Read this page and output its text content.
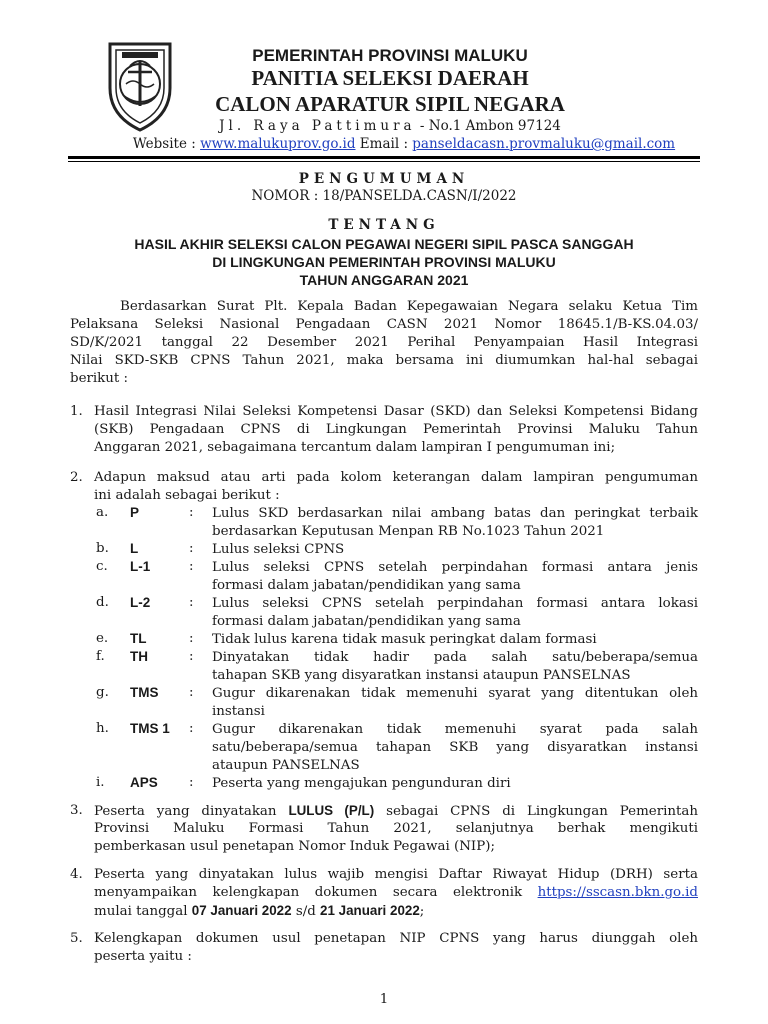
PEMERINTAH PROVINSI MALUKU
PANITIA SELEKSI DAERAH
CALON APARATUR SIPIL NEGARA
Jl. Raya Pattimura - No.1 Ambon 97124
Website : www.malukuprov.go.id Email : panseldacasn.provmaluku@gmail.com
PENGUMUMAN
NOMOR : 18/PANSELDA.CASN/I/2022
TENTANG
HASIL AKHIR SELEKSI CALON PEGAWAI NEGERI SIPIL PASCA SANGGAH
DI LINGKUNGAN PEMERINTAH PROVINSI MALUKU
TAHUN ANGGARAN 2021
Berdasarkan Surat Plt. Kepala Badan Kepegawaian Negara selaku Ketua Tim
Pelaksana Seleksi Nasional Pengadaan CASN 2021 Nomor 18645.1/B-KS.04.03/
SD/K/2021 tanggal 22 Desember 2021 Perihal Penyampaian Hasil Integrasi
Nilai SKD-SKB CPNS Tahun 2021, maka bersama ini diumumkan hal-hal sebagai
berikut :
1. Hasil Integrasi Nilai Seleksi Kompetensi Dasar (SKD) dan Seleksi Kompetensi Bidang
(SKB) Pengadaan CPNS di Lingkungan Pemerintah Provinsi Maluku Tahun
Anggaran 2021, sebagaimana tercantum dalam lampiran I pengumuman ini;
2. Adapun maksud atau arti pada kolom keterangan dalam lampiran pengumuman
ini adalah sebagai berikut :
a. P	: Lulus SKD berdasarkan nilai ambang batas dan peringkat terbaik
berdasarkan Keputusan Menpan RB No.1023 Tahun 2021
b. L	: Lulus seleksi CPNS
c. L-1	: Lulus seleksi CPNS setelah perpindahan formasi antara jenis
formasi dalam jabatan/pendidikan yang sama
d. L-2	: Lulus seleksi CPNS setelah perpindahan formasi antara lokasi
formasi dalam jabatan/pendidikan yang sama
e. TL	: Tidak lulus karena tidak masuk peringkat dalam formasi
f. TH	: Dinyatakan tidak hadir pada salah satu/beberapa/semua
tahapan SKB yang disyaratkan instansi ataupun PANSELNAS
g. TMS : Gugur dikarenakan tidak memenuhi syarat yang ditentukan oleh
instansi
h. TMS 1 : Gugur dikarenakan tidak memenuhi syarat pada salah
satu/beberapa/semua tahapan SKB yang disyaratkan instansi
ataupun PANSELNAS
i. APS : Peserta yang mengajukan pengunduran diri
3. Peserta yang dinyatakan LULUS (P/L) sebagai CPNS di Lingkungan Pemerintah
Provinsi Maluku Formasi Tahun 2021, selanjutnya berhak mengikuti
pemberkasan usul penetapan Nomor Induk Pegawai (NIP);
4. Peserta yang dinyatakan lulus wajib mengisi Daftar Riwayat Hidup (DRH) serta
menyampaikan kelengkapan dokumen secara elektronik https://sscasn.bkn.go.id
mulai tanggal 07 Januari 2022 s/d 21 Januari 2022;
5. Kelengkapan dokumen usul penetapan NIP CPNS yang harus diunggah oleh
peserta yaitu :
1
